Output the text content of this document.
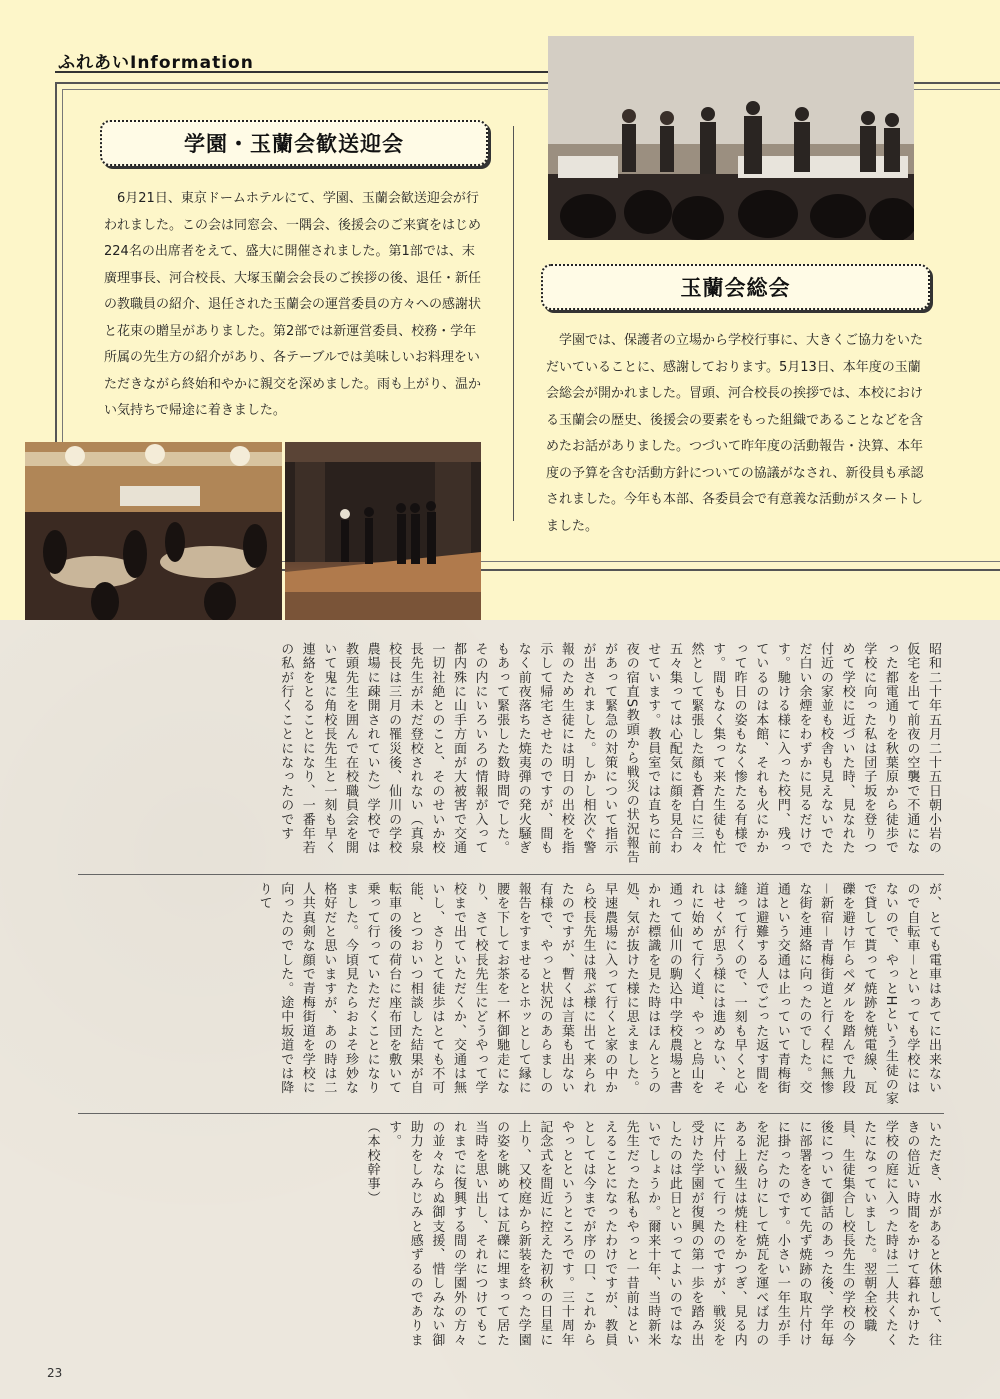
ふれあいInformation
学園・玉蘭会歓送迎会

6月21日、東京ドームホテルにて、学園、玉蘭会歓送迎会が行われました。この会は同窓会、一隅会、後援会のご来賓をはじめ224名の出席者をえて、盛大に開催されました。第1部では、末廣理事長、河合校長、大塚玉蘭会会長のご挨拶の後、退任・新任の教職員の紹介、退任された玉蘭会の運営委員の方々への感謝状と花束の贈呈がありました。第2部では新運営委員、校務・学年所属の先生方の紹介があり、各テーブルでは美味しいお料理をいただきながら終始和やかに親交を深めました。雨も上がり、温かい気持ちで帰途に着きました。

玉蘭会総会

学園では、保護者の立場から学校行事に、大きくご協力をいただいていることに、感謝しております。5月13日、本年度の玉蘭会総会が開かれました。冒頭、河合校長の挨拶では、本校における玉蘭会の歴史、後援会の要素をもった組織であることなどを含めたお話がありました。つづいて昨年度の活動報告・決算、本年度の予算を含む活動方針についての協議がなされ、新役員も承認されました。今年も本部、各委員会で有意義な活動がスタートしました。

昭和二十年五月二十五日朝小岩の仮宅を出て前夜の空襲で不通になった都電通りを秋葉原から徒歩で学校に向った私は団子坂を登りつめて学校に近づいた時、見なれた付近の家並も校舎も見えないでただ白い余煙をわずかに見るだけです。馳ける様に入った校門、残っているのは本館、それも火にかかって昨日の姿もなく惨たる有様です。間もなく集って来た生徒も忙然として緊張した顔も蒼白に三々五々集っては心配気に顔を見合わせています。教員室では直ちに前夜の宿直S教頭から戦災の状況報告があって緊急の対策について指示が出されました。しかし相次ぐ警報のため生徒には明日の出校を指示して帰宅させたのですが、間もなく前夜落ちた焼夷弾の発火騒ぎもあって緊張した数時間でした。その内にいろいろの情報が入って都内殊に山手方面が大被害で交通一切社絶とのこと、そのせいか校長先生が未だ登校されない（真泉校長は三月の罹災後、仙川の学校農場に疎開されていた）学校では教頭先生を囲んで在校職員会を開いて鬼に角校長先生と一刻も早く連絡をとることになり、一番年若の私が行くことになったのです

が、とても電車はあてに出来ないので自転車－といっても学校にはないので、やっとHという生徒の家で貸して貰って焼跡を焼電線、瓦礫を避け乍らペダルを踏んで九段－新宿－青梅街道と行く程に無惨な街を連絡に向ったのでした。交通という交通は止っていて青梅街道は避難する人でごった返す間を縫って行くので、一刻も早くと心はせくが思う様には進めない、それに始めて行く道、やっと烏山を通って仙川の駒込中学校農場と書かれた標識を見た時はほんとうの処、気が抜けた様に思えました。早速農場に入って行くと家の中から校長先生は飛ぶ様に出て来られたのですが、暫くは言葉も出ない有様で、やっと状況のあらましの報告をすませるとホッとして縁に腰を下してお茶を一杯御馳走になり、さて校長先生にどうやって学校まで出ていただくか、交通は無いし、さりとて徒歩はとても不可能、とつおいつ相談した結果が自転車の後の荷台に座布団を敷いて乗って行っていただくことになりました。今頃見たらおよそ珍妙な格好だと思いますが、あの時は二人共真剣な顔で青梅街道を学校に向ったのでした。途中坂道では降りて

いただき、水があると休憩して、往きの倍近い時間をかけて暮れかけた学校の庭に入った時は二人共くたくたになっていました。翌朝全校職員、生徒集合し校長先生の学校の今後について御話のあった後、学年毎に部署をきめて先ず焼跡の取片付けに掛ったのです。小さい一年生が手を泥だらけにして焼瓦を運べば力のある上級生は焼柱をかつぎ、見る内に片付いて行ったのですが、戦災を受けた学園が復興の第一歩を踏み出したのは此日といってよいのではないでしょうか。爾来十年、当時新米先生だった私もやっと一昔前はといえることになったわけですが、教員としては今までが序の口、これからやっとというところです。三十周年記念式を間近に控えた初秋の日星に上り、又校庭から新装を終った学園の姿を眺めては瓦礫に埋まって居た当時を思い出し、それにつけてもこれまでに復興する間の学園外の方々の並々ならぬ御支援、惜しみない御助力をしみじみと感ずるのであります。

（本校幹事）

23
